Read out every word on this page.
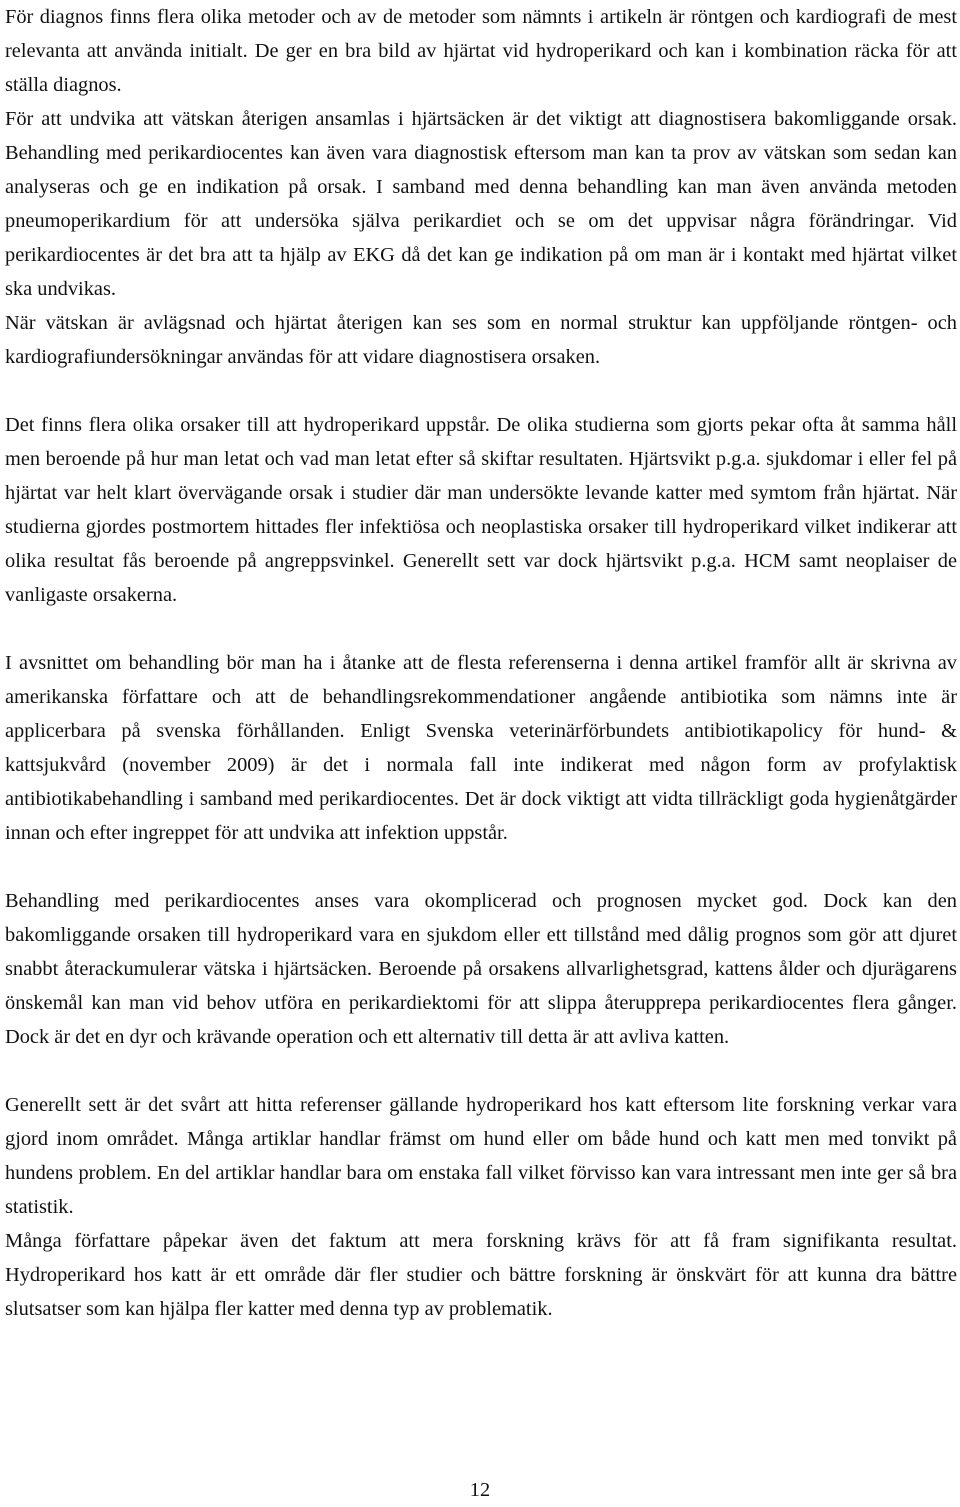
För diagnos finns flera olika metoder och av de metoder som nämnts i artikeln är röntgen och kardiografi de mest relevanta att använda initialt. De ger en bra bild av hjärtat vid hydroperikard och kan i kombination räcka för att ställa diagnos.

För att undvika att vätskan återigen ansamlas i hjärtsäcken är det viktigt att diagnostisera bakomliggande orsak. Behandling med perikardiocentes kan även vara diagnostisk eftersom man kan ta prov av vätskan som sedan kan analyseras och ge en indikation på orsak. I samband med denna behandling kan man även använda metoden pneumoperikardium för att undersöka själva perikardiet och se om det uppvisar några förändringar. Vid perikardiocentes är det bra att ta hjälp av EKG då det kan ge indikation på om man är i kontakt med hjärtat vilket ska undvikas.

När vätskan är avlägsnad och hjärtat återigen kan ses som en normal struktur kan uppföljande röntgen- och kardiografiundersökningar användas för att vidare diagnostisera orsaken.

Det finns flera olika orsaker till att hydroperikard uppstår. De olika studierna som gjorts pekar ofta åt samma håll men beroende på hur man letat och vad man letat efter så skiftar resultaten. Hjärtsvikt p.g.a. sjukdomar i eller fel på hjärtat var helt klart övervägande orsak i studier där man undersökte levande katter med symtom från hjärtat. När studierna gjordes postmortem hittades fler infektiösa och neoplastiska orsaker till hydroperikard vilket indikerar att olika resultat fås beroende på angreppsvinkel. Generellt sett var dock hjärtsvikt p.g.a. HCM samt neoplaiser de vanligaste orsakerna.

I avsnittet om behandling bör man ha i åtanke att de flesta referenserna i denna artikel framför allt är skrivna av amerikanska författare och att de behandlingsrekommendationer angående antibiotika som nämns inte är applicerbara på svenska förhållanden. Enligt Svenska veterinärförbundets antibiotikapolicy för hund- & kattsjukvård (november 2009) är det i normala fall inte indikerat med någon form av profylaktisk antibiotikabehandling i samband med perikardiocentes. Det är dock viktigt att vidta tillräckligt goda hygienåtgärder innan och efter ingreppet för att undvika att infektion uppstår.

Behandling med perikardiocentes anses vara okomplicerad och prognosen mycket god. Dock kan den bakomliggande orsaken till hydroperikard vara en sjukdom eller ett tillstånd med dålig prognos som gör att djuret snabbt återackumulerar vätska i hjärtsäcken. Beroende på orsakens allvarlighetsgrad, kattens ålder och djurägarens önskemål kan man vid behov utföra en perikardiektomi för att slippa återupprepa perikardiocentes flera gånger. Dock är det en dyr och krävande operation och ett alternativ till detta är att avliva katten.

Generellt sett är det svårt att hitta referenser gällande hydroperikard hos katt eftersom lite forskning verkar vara gjord inom området. Många artiklar handlar främst om hund eller om både hund och katt men med tonvikt på hundens problem. En del artiklar handlar bara om enstaka fall vilket förvisso kan vara intressant men inte ger så bra statistik.

Många författare påpekar även det faktum att mera forskning krävs för att få fram signifikanta resultat. Hydroperikard hos katt är ett område där fler studier och bättre forskning är önskvärt för att kunna dra bättre slutsatser som kan hjälpa fler katter med denna typ av problematik.

12
